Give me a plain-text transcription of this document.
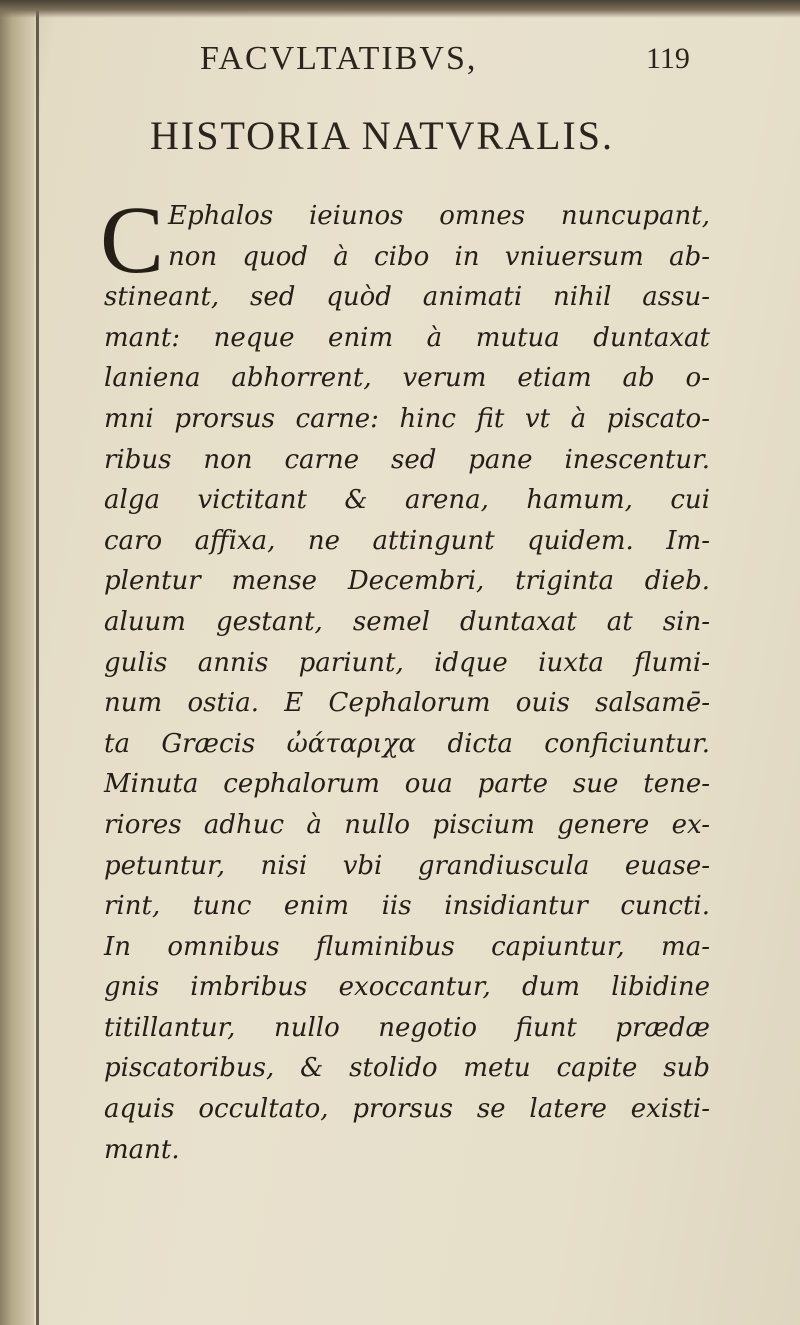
FACVLTATIBVS,	119
HISTORIA NATVRALIS.
C Ephalos ieiunos omnes nuncupant,
non quod à cibo in vniuersum ab-
stineant, sed quòd animati nihil assu-
mant: neque enim à mutua duntaxat
laniena abhorrent, verum etiam ab o-
mni prorsus carne: hinc fit vt à piscato-
ribus non carne sed pane inescentur.
alga victitant & arena, hamum, cui
caro affixa, ne attingunt quidem. Im-
plentur mense Decembri, triginta dieb.
aluum gestant, semel duntaxat at sin-
gulis annis pariunt, idque iuxta flumi-
num ostia. E Cephalorum ouis salsamē-
ta Græcis ὠάταριχα dicta conficiuntur.
Minuta cephalorum oua parte sue tene-
riores adhuc à nullo piscium genere ex-
petuntur, nisi vbi grandiuscula euase-
rint, tunc enim iis insidiantur cuncti.
In omnibus fluminibus capiuntur, ma-
gnis imbribus exoccantur, dum libidine
titillantur, nullo negotio fiunt prædæ
piscatoribus, & stolido metu capite sub
aquis occultato, prorsus se latere existi-
mant.
